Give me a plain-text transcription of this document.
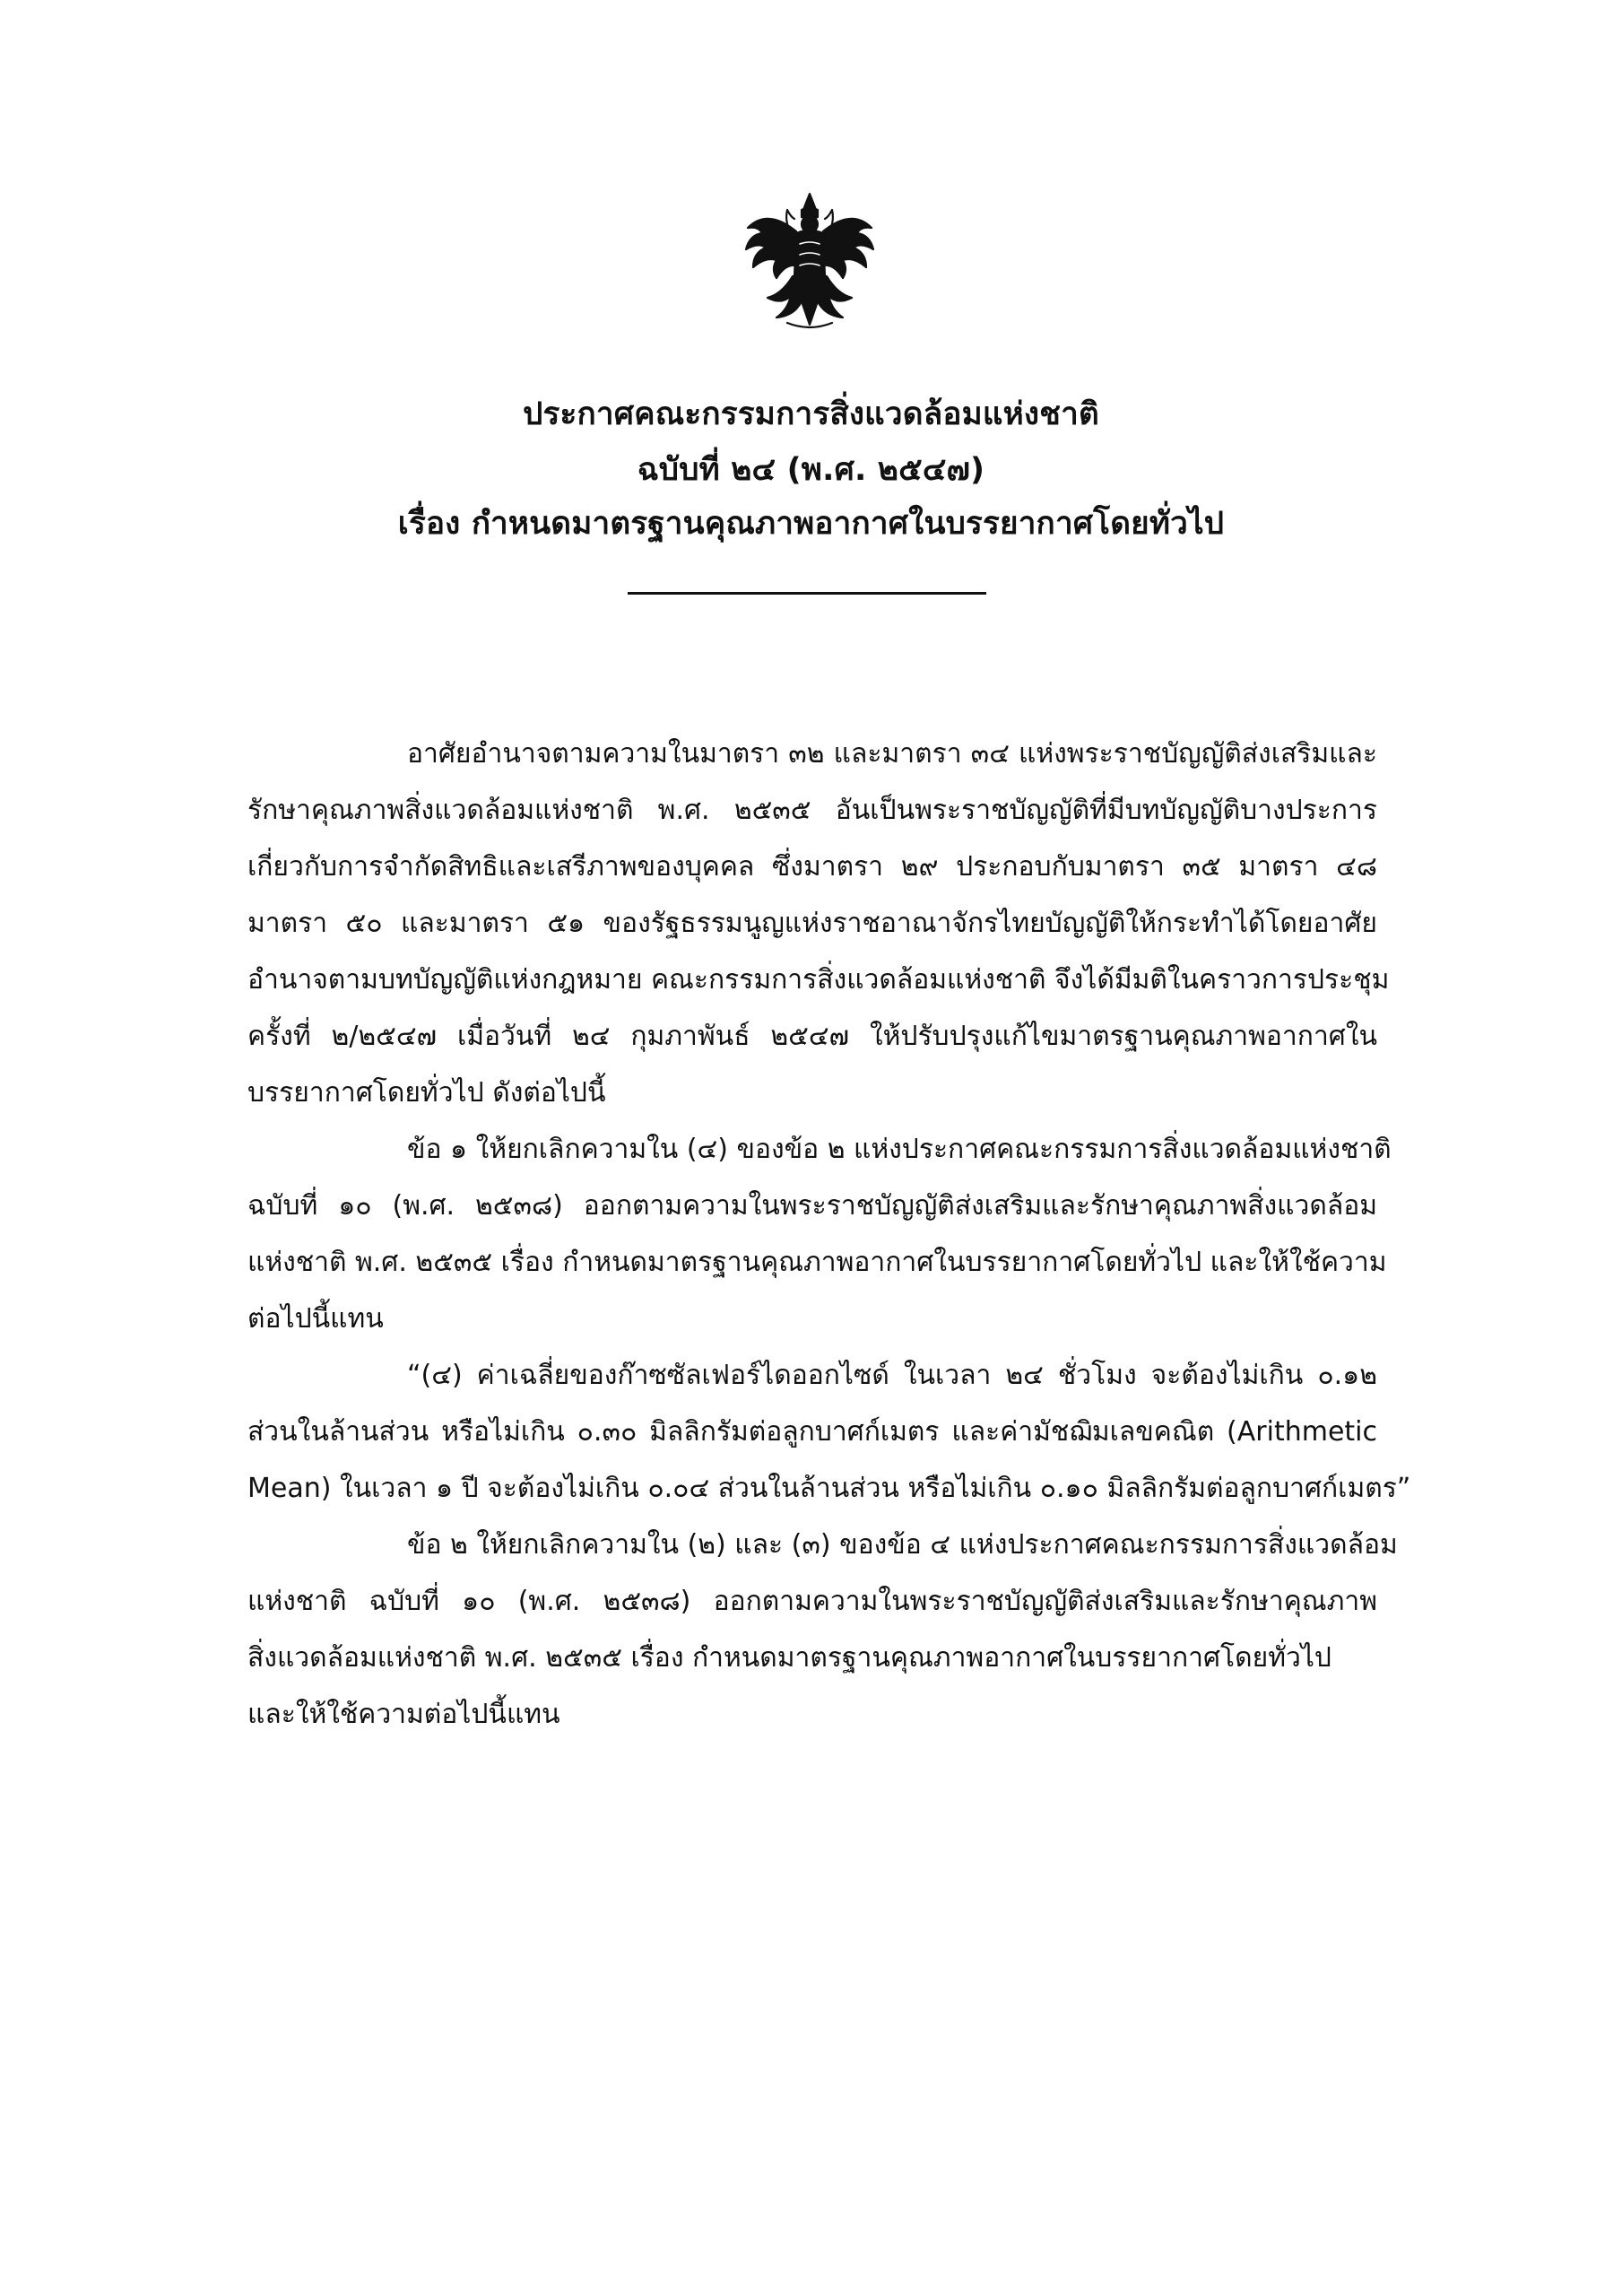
ประกาศคณะกรรมการสิ่งแวดล้อมแห่งชาติ
ฉบับที่ ๒๔ (พ.ศ. ๒๕๔๗)
เรื่อง กำหนดมาตรฐานคุณภาพอากาศในบรรยากาศโดยทั่วไป
อาศัยอำนาจตามความในมาตรา ๓๒ และมาตรา ๓๔ แห่งพระราชบัญญัติส่งเสริมและ
รักษาคุณภาพสิ่งแวดล้อมแห่งชาติ พ.ศ. ๒๕๓๕ อันเป็นพระราชบัญญัติที่มีบทบัญญัติบางประการ
เกี่ยวกับการจำกัดสิทธิและเสรีภาพของบุคคล ซึ่งมาตรา ๒๙ ประกอบกับมาตรา ๓๕ มาตรา ๔๘
มาตรา ๕๐ และมาตรา ๕๑ ของรัฐธรรมนูญแห่งราชอาณาจักรไทยบัญญัติให้กระทำได้โดยอาศัย
อำนาจตามบทบัญญัติแห่งกฎหมาย คณะกรรมการสิ่งแวดล้อมแห่งชาติ จึงได้มีมติในคราวการประชุม
ครั้งที่ ๒/๒๕๔๗ เมื่อวันที่ ๒๔ กุมภาพันธ์ ๒๕๔๗ ให้ปรับปรุงแก้ไขมาตรฐานคุณภาพอากาศใน
บรรยากาศโดยทั่วไป ดังต่อไปนี้
ข้อ ๑ ให้ยกเลิกความใน (๔) ของข้อ ๒ แห่งประกาศคณะกรรมการสิ่งแวดล้อมแห่งชาติ
ฉบับที่ ๑๐ (พ.ศ. ๒๕๓๘) ออกตามความในพระราชบัญญัติส่งเสริมและรักษาคุณภาพสิ่งแวดล้อม
แห่งชาติ พ.ศ. ๒๕๓๕ เรื่อง กำหนดมาตรฐานคุณภาพอากาศในบรรยากาศโดยทั่วไป และให้ใช้ความ
ต่อไปนี้แทน
“(๔) ค่าเฉลี่ยของก๊าซซัลเฟอร์ไดออกไซด์ ในเวลา ๒๔ ชั่วโมง จะต้องไม่เกิน ๐.๑๒
ส่วนในล้านส่วน หรือไม่เกิน ๐.๓๐ มิลลิกรัมต่อลูกบาศก์เมตร และค่ามัชฌิมเลขคณิต (Arithmetic
Mean) ในเวลา ๑ ปี จะต้องไม่เกิน ๐.๐๔ ส่วนในล้านส่วน หรือไม่เกิน ๐.๑๐ มิลลิกรัมต่อลูกบาศก์เมตร”
ข้อ ๒ ให้ยกเลิกความใน (๒) และ (๓) ของข้อ ๔ แห่งประกาศคณะกรรมการสิ่งแวดล้อม
แห่งชาติ ฉบับที่ ๑๐ (พ.ศ. ๒๕๓๘) ออกตามความในพระราชบัญญัติส่งเสริมและรักษาคุณภาพ
สิ่งแวดล้อมแห่งชาติ พ.ศ. ๒๕๓๕ เรื่อง กำหนดมาตรฐานคุณภาพอากาศในบรรยากาศโดยทั่วไป
และให้ใช้ความต่อไปนี้แทน
